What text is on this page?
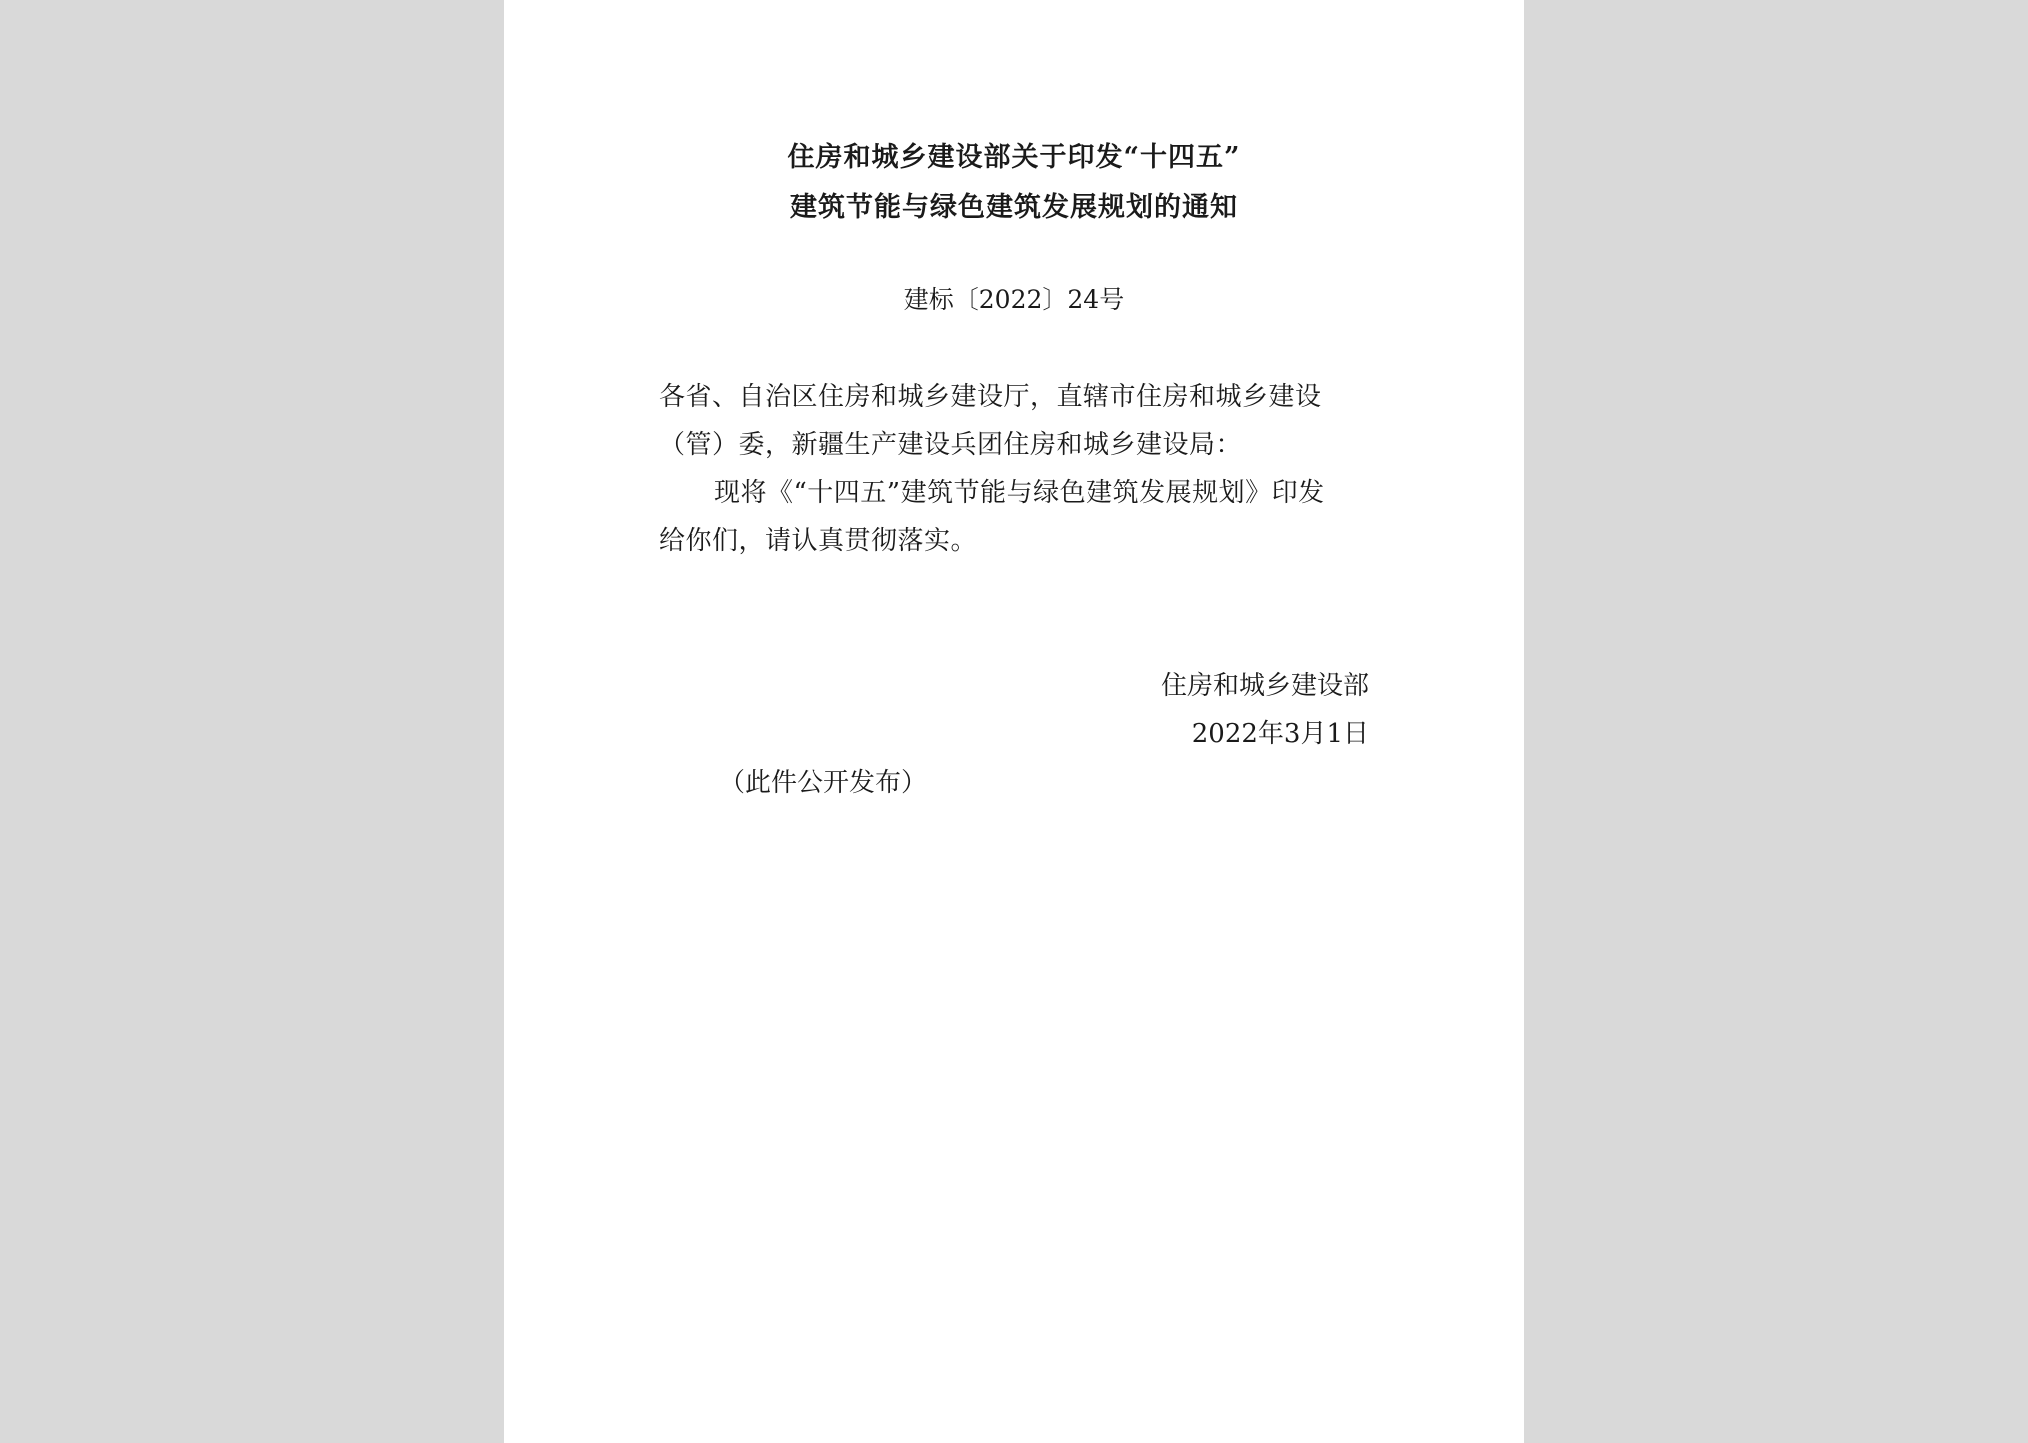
住房和城乡建设部关于印发“十四五”
建筑节能与绿色建筑发展规划的通知
建标〔2022〕24号
各省、自治区住房和城乡建设厅，直辖市住房和城乡建设
（管）委，新疆生产建设兵团住房和城乡建设局：
现将《“十四五”建筑节能与绿色建筑发展规划》印发
给你们，请认真贯彻落实。
住房和城乡建设部
2022年3月1日
（此件公开发布）
